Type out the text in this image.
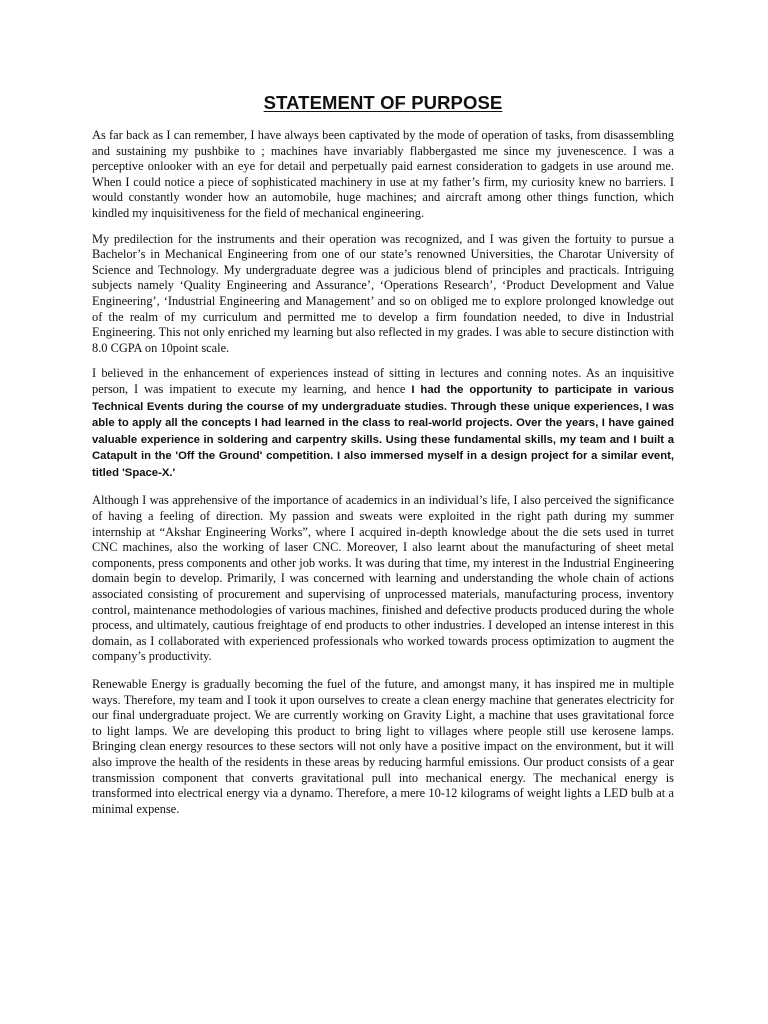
STATEMENT OF PURPOSE

As far back as I can remember, I have always been captivated by the mode of operation of tasks, from disassembling and sustaining my pushbike to ; machines have invariably flabbergasted me since my juvenescence. I was a perceptive onlooker with an eye for detail and perpetually paid earnest consideration to gadgets in use around me. When I could notice a piece of sophisticated machinery in use at my father’s firm, my curiosity knew no barriers. I would constantly wonder how an automobile, huge machines; and aircraft among other things function, which kindled my inquisitiveness for the field of mechanical engineering.

My predilection for the instruments and their operation was recognized, and I was given the fortuity to pursue a Bachelor’s in Mechanical Engineering from one of our state’s renowned Universities, the Charotar University of Science and Technology. My undergraduate degree was a judicious blend of principles and practicals. Intriguing subjects namely ‘Quality Engineering and Assurance’, ‘Operations Research’, ‘Product Development and Value Engineering’, ‘Industrial Engineering and Management’ and so on obliged me to explore prolonged knowledge out of the realm of my curriculum and permitted me to develop a firm foundation needed, to dive in Industrial Engineering. This not only enriched my learning but also reflected in my grades. I was able to secure distinction with 8.0 CGPA on 10point scale.

I believed in the enhancement of experiences instead of sitting in lectures and conning notes. As an inquisitive person, I was impatient to execute my learning, and hence I had the opportunity to participate in various Technical Events during the course of my undergraduate studies. Through these unique experiences, I was able to apply all the concepts I had learned in the class to real-world projects. Over the years, I have gained valuable experience in soldering and carpentry skills. Using these fundamental skills, my team and I built a Catapult in the 'Off the Ground' competition. I also immersed myself in a design project for a similar event, titled 'Space-X.'

Although I was apprehensive of the importance of academics in an individual’s life, I also perceived the significance of having a feeling of direction. My passion and sweats were exploited in the right path during my summer internship at “Akshar Engineering Works”, where I acquired in-depth knowledge about the die sets used in turret CNC machines, also the working of laser CNC. Moreover, I also learnt about the manufacturing of sheet metal components, press components and other job works. It was during that time, my interest in the Industrial Engineering domain begin to develop. Primarily, I was concerned with learning and understanding the whole chain of actions associated consisting of procurement and supervising of unprocessed materials, manufacturing process, inventory control, maintenance methodologies of various machines, finished and defective products produced during the whole process, and ultimately, cautious freightage of end products to other industries. I developed an intense interest in this domain, as I collaborated with experienced professionals who worked towards process optimization to augment the company’s productivity.

Renewable Energy is gradually becoming the fuel of the future, and amongst many, it has inspired me in multiple ways. Therefore, my team and I took it upon ourselves to create a clean energy machine that generates electricity for our final undergraduate project. We are currently working on Gravity Light, a machine that uses gravitational force to light lamps. We are developing this product to bring light to villages where people still use kerosene lamps. Bringing clean energy resources to these sectors will not only have a positive impact on the environment, but it will also improve the health of the residents in these areas by reducing harmful emissions. Our product consists of a gear transmission component that converts gravitational pull into mechanical energy. The mechanical energy is transformed into electrical energy via a dynamo. Therefore, a mere 10-12 kilograms of weight lights a LED bulb at a minimal expense.
